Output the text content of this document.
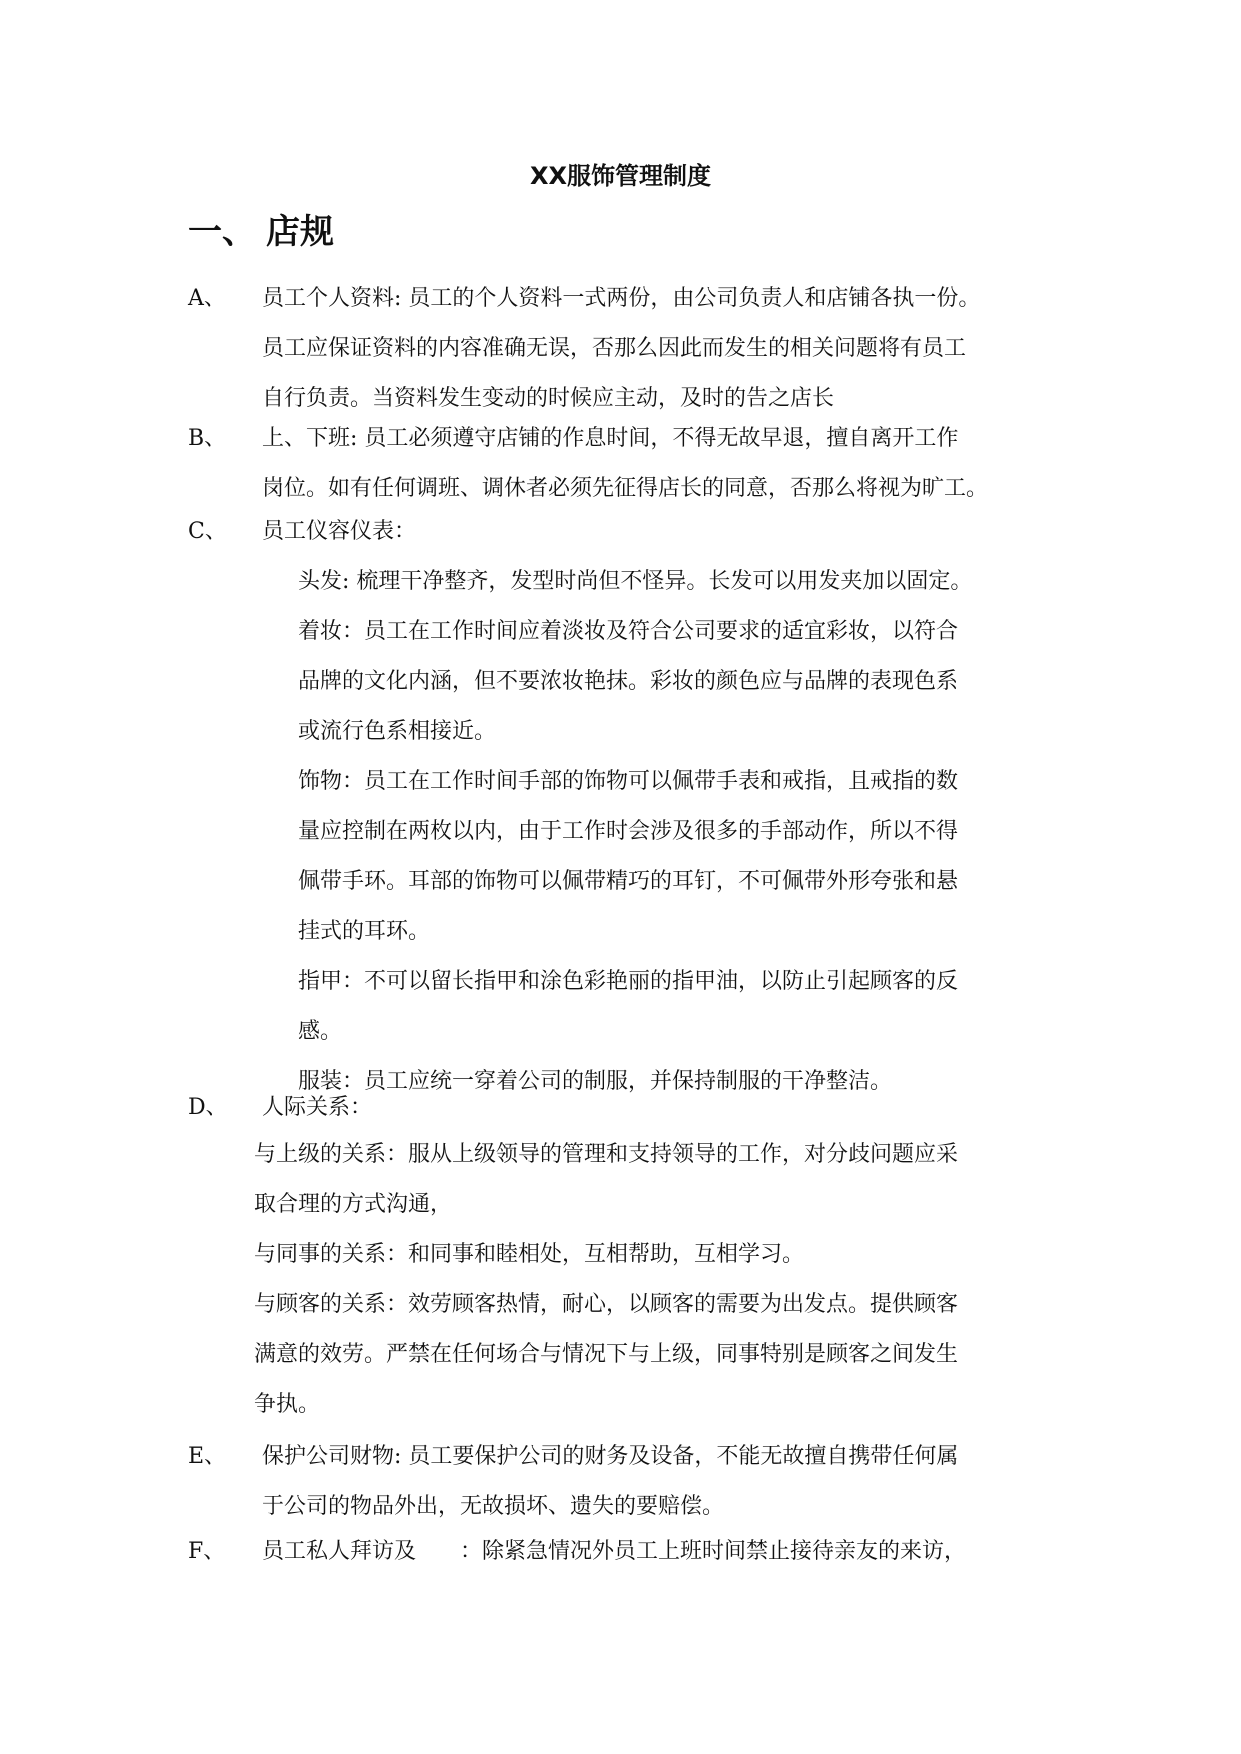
XX服饰管理制度
一、 店规
A、 员工个人资料: 员工的个人资料一式两份，由公司负责人和店铺各执一份。

员工应保证资料的内容准确无误，否那么因此而发生的相关问题将有员工

自行负责。当资料发生变动的时候应主动，及时的告之店长

B、 上、下班: 员工必须遵守店铺的作息时间，不得无故早退，擅自离开工作

岗位。如有任何调班、调休者必须先征得店长的同意，否那么将视为旷工。

C、 员工仪容仪表：

头发: 梳理干净整齐，发型时尚但不怪异。长发可以用发夹加以固定。

着妆：员工在工作时间应着淡妆及符合公司要求的适宜彩妆，以符合

品牌的文化内涵，但不要浓妆艳抹。彩妆的颜色应与品牌的表现色系

或流行色系相接近。

饰物：员工在工作时间手部的饰物可以佩带手表和戒指，且戒指的数

量应控制在两枚以内，由于工作时会涉及很多的手部动作，所以不得

佩带手环。耳部的饰物可以佩带精巧的耳钉，不可佩带外形夸张和悬

挂式的耳环。

指甲：不可以留长指甲和涂色彩艳丽的指甲油，以防止引起顾客的反

感。

服装：员工应统一穿着公司的制服，并保持制服的干净整洁。

D、 人际关系：

与上级的关系：服从上级领导的管理和支持领导的工作，对分歧问题应采

取合理的方式沟通，

与同事的关系：和同事和睦相处，互相帮助，互相学习。

与顾客的关系：效劳顾客热情，耐心，以顾客的需要为出发点。提供顾客

满意的效劳。严禁在任何场合与情况下与上级，同事特别是顾客之间发生

争执。

E、 保护公司财物: 员工要保护公司的财务及设备，不能无故擅自携带任何属

于公司的物品外出，无故损坏、遗失的要赔偿。

F、 员工私人拜访及　　：除紧急情况外员工上班时间禁止接待亲友的来访，
